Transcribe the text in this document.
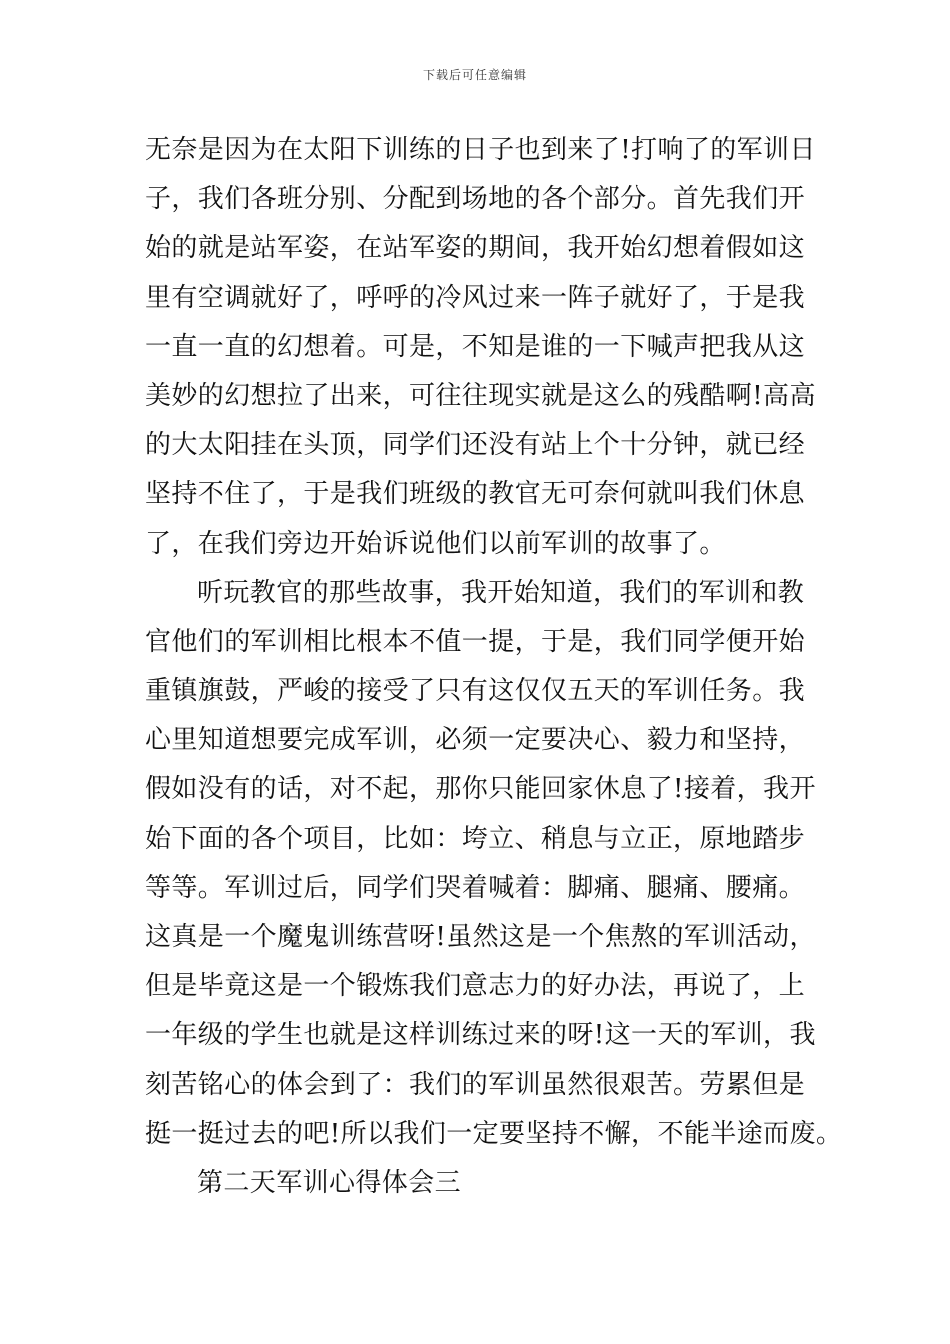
下载后可任意编辑
无奈是因为在太阳下训练的日子也到来了!打响了的军训日
子，我们各班分别、分配到场地的各个部分。首先我们开
始的就是站军姿，在站军姿的期间，我开始幻想着假如这
里有空调就好了，呼呼的冷风过来一阵子就好了，于是我
一直一直的幻想着。可是，不知是谁的一下喊声把我从这
美妙的幻想拉了出来，可往往现实就是这么的残酷啊!高高
的大太阳挂在头顶，同学们还没有站上个十分钟，就已经
坚持不住了，于是我们班级的教官无可奈何就叫我们休息
了，在我们旁边开始诉说他们以前军训的故事了。
听玩教官的那些故事，我开始知道，我们的军训和教
官他们的军训相比根本不值一提，于是，我们同学便开始
重镇旗鼓，严峻的接受了只有这仅仅五天的军训任务。我
心里知道想要完成军训，必须一定要决心、毅力和坚持，
假如没有的话，对不起，那你只能回家休息了!接着，我开
始下面的各个项目，比如：垮立、稍息与立正，原地踏步
等等。军训过后，同学们哭着喊着：脚痛、腿痛、腰痛。
这真是一个魔鬼训练营呀!虽然这是一个焦熬的军训活动，
但是毕竟这是一个锻炼我们意志力的好办法，再说了，上
一年级的学生也就是这样训练过来的呀!这一天的军训，我
刻苦铭心的体会到了：我们的军训虽然很艰苦。劳累但是
挺一挺过去的吧!所以我们一定要坚持不懈，不能半途而废。
第二天军训心得体会三
